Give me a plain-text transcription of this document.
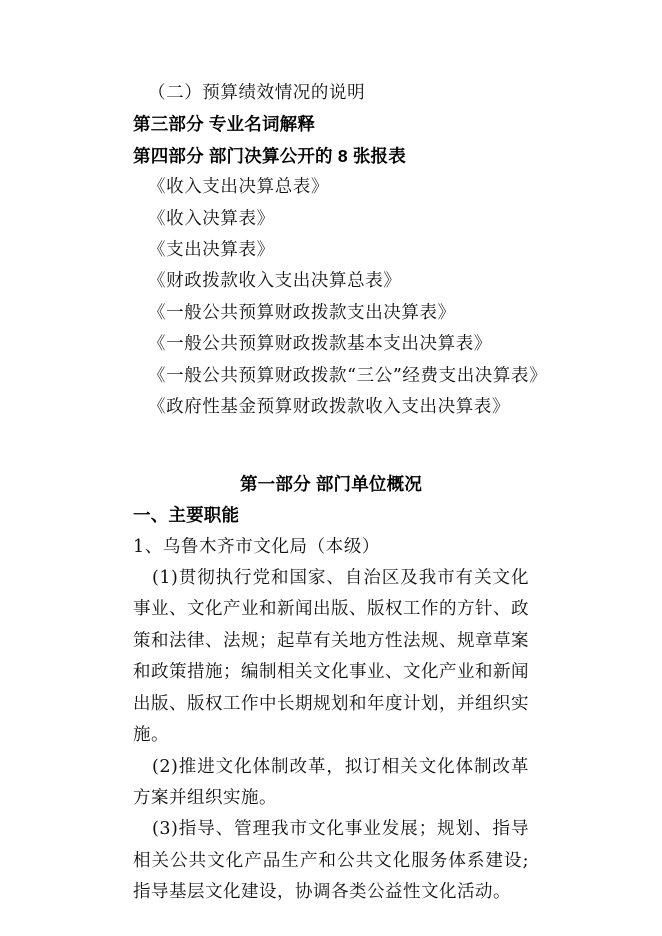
（二）预算绩效情况的说明
第三部分 专业名词解释
第四部分 部门决算公开的 8 张报表
《收入支出决算总表》
《收入决算表》
《支出决算表》
《财政拨款收入支出决算总表》
《一般公共预算财政拨款支出决算表》
《一般公共预算财政拨款基本支出决算表》
《一般公共预算财政拨款“三公”经费支出决算表》
《政府性基金预算财政拨款收入支出决算表》
第一部分 部门单位概况
一、主要职能
1、乌鲁木齐市文化局（本级）

(1)贯彻执行党和国家、自治区及我市有关文化事业、文化产业和新闻出版、版权工作的方针、政策和法律、法规；起草有关地方性法规、规章草案和政策措施；编制相关文化事业、文化产业和新闻出版、版权工作中长期规划和年度计划，并组织实施。

(2)推进文化体制改革，拟订相关文化体制改革方案并组织实施。

(3)指导、管理我市文化事业发展；规划、指导相关公共文化产品生产和公共文化服务体系建设; 指导基层文化建设，协调各类公益性文化活动。
